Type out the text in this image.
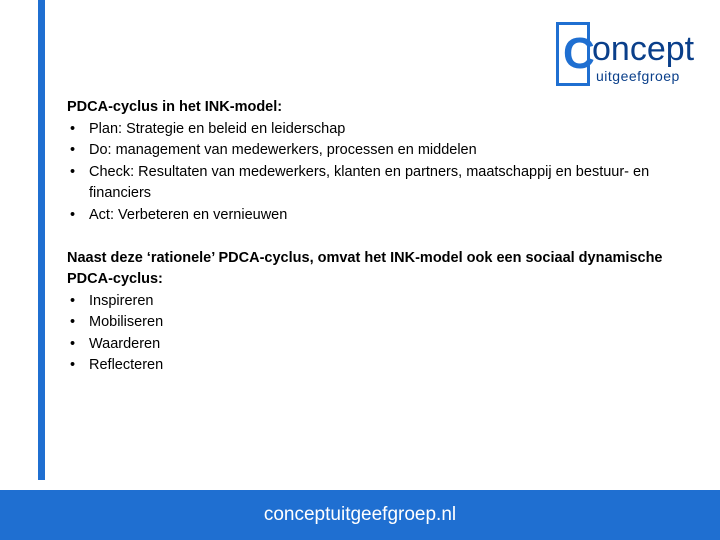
C
oncept
uitgeefgroep
PDCA-cyclus in het INK-model:
• Plan: Strategie en beleid en leiderschap
• Do: management van medewerkers, processen en middelen
• Check: Resultaten van medewerkers, klanten en partners, maatschappij en bestuur- en financiers
• Act: Verbeteren en vernieuwen
Naast deze ‘rationele’ PDCA-cyclus, omvat het INK-model ook een sociaal dynamische PDCA-cyclus:
• Inspireren
• Mobiliseren
• Waarderen
• Reflecteren
conceptuitgeefgroep.nl
